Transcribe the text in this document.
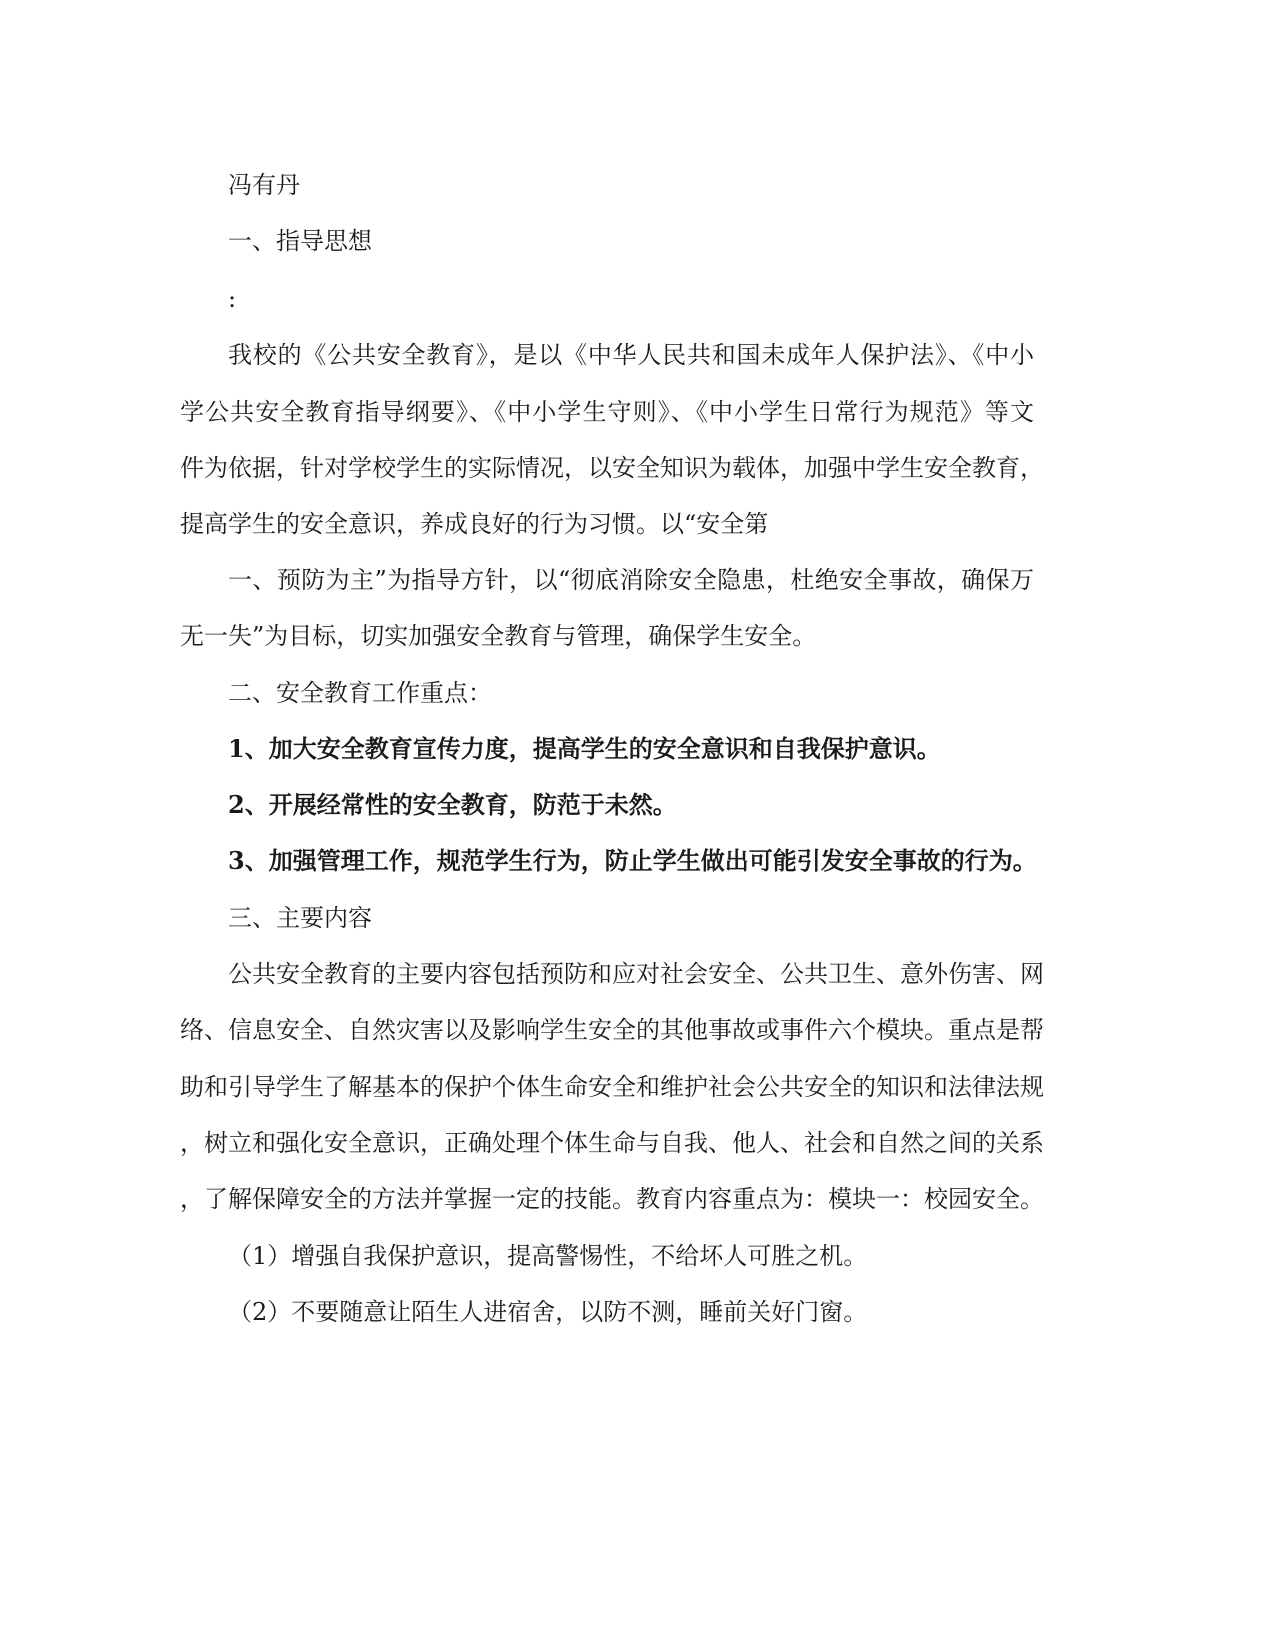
冯有丹

一、指导思想

:

我校的《公共安全教育》，是以《中华人民共和国未成年人保护法》、《中小

学公共安全教育指导纲要》、《中小学生守则》、《中小学生日常行为规范》等文

件为依据，针对学校学生的实际情况，以安全知识为载体，加强中学生安全教育，

提高学生的安全意识，养成良好的行为习惯。以“安全第

一、预防为主”为指导方针，以“彻底消除安全隐患，杜绝安全事故，确保万

无一失”为目标，切实加强安全教育与管理，确保学生安全。

二、安全教育工作重点：

1、加大安全教育宣传力度，提高学生的安全意识和自我保护意识。

2、开展经常性的安全教育，防范于未然。

3、加强管理工作，规范学生行为，防止学生做出可能引发安全事故的行为。

三、主要内容

公共安全教育的主要内容包括预防和应对社会安全、公共卫生、意外伤害、网

络、信息安全、自然灾害以及影响学生安全的其他事故或事件六个模块。重点是帮

助和引导学生了解基本的保护个体生命安全和维护社会公共安全的知识和法律法规

，树立和强化安全意识，正确处理个体生命与自我、他人、社会和自然之间的关系

，了解保障安全的方法并掌握一定的技能。教育内容重点为：模块一：校园安全。

（1）增强自我保护意识，提高警惕性，不给坏人可胜之机。

（2）不要随意让陌生人进宿舍，以防不测，睡前关好门窗。
